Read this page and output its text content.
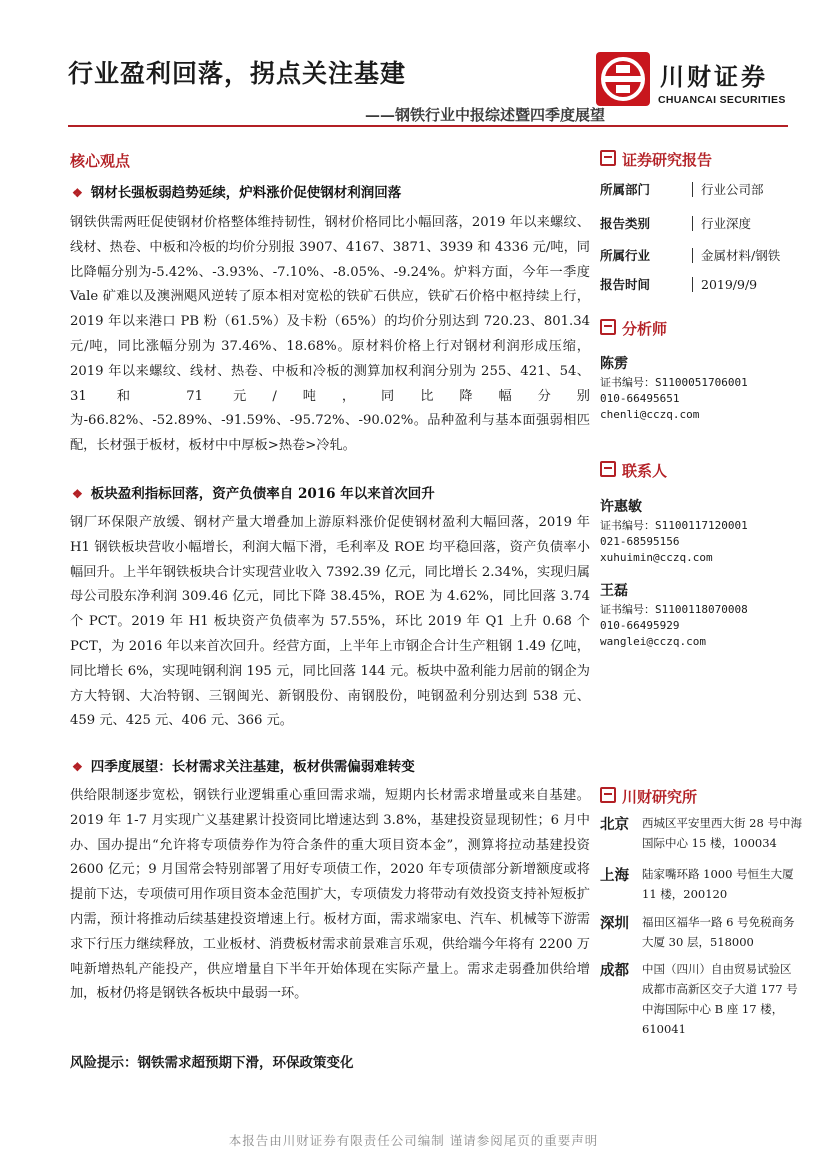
行业盈利回落，拐点关注基建
——钢铁行业中报综述暨四季度展望
川财证券
CHUANCAI SECURITIES
核心观点
❖ 钢材长强板弱趋势延续，炉料涨价促使钢材利润回落
钢铁供需两旺促使钢材价格整体维持韧性，钢材价格同比小幅回落，2019 年以来螺纹、线材、热卷、中板和冷板的均价分别报 3907、4167、3871、3939 和 4336 元/吨，同比降幅分别为-5.42%、-3.93%、-7.10%、-8.05%、-9.24%。炉料方面，今年一季度 Vale 矿难以及澳洲飓风逆转了原本相对宽松的铁矿石供应，铁矿石价格中枢持续上行，2019 年以来港口 PB 粉（61.5%）及卡粉（65%）的均价分别达到 720.23、801.34 元/吨，同比涨幅分别为 37.46%、18.68%。原材料价格上行对钢材利润形成压缩，2019 年以来螺纹、线材、热卷、中板和冷板的测算加权利润分别为 255、421、54、31 和 71 元/吨，同比降幅分别为-66.82%、-52.89%、-91.59%、-95.72%、-90.02%。品种盈利与基本面强弱相匹配，长材强于板材，板材中中厚板>热卷>冷轧。
❖ 板块盈利指标回落，资产负债率自 2016 年以来首次回升
钢厂环保限产放缓、钢材产量大增叠加上游原料涨价促使钢材盈利大幅回落，2019 年 H1 钢铁板块营收小幅增长，利润大幅下滑，毛利率及 ROE 均平稳回落，资产负债率小幅回升。上半年钢铁板块合计实现营业收入 7392.39 亿元，同比增长 2.34%，实现归属母公司股东净利润 309.46 亿元，同比下降 38.45%，ROE 为 4.62%，同比回落 3.74 个 PCT。2019 年 H1 板块资产负债率为 57.55%，环比 2019 年 Q1 上升 0.68 个 PCT，为 2016 年以来首次回升。经营方面，上半年上市钢企合计生产粗钢 1.49 亿吨，同比增长 6%，实现吨钢利润 195 元，同比回落 144 元。板块中盈利能力居前的钢企为方大特钢、大冶特钢、三钢闽光、新钢股份、南钢股份，吨钢盈利分别达到 538 元、459 元、425 元、406 元、366 元。
❖ 四季度展望：长材需求关注基建，板材供需偏弱难转变
供给限制逐步宽松，钢铁行业逻辑重心重回需求端，短期内长材需求增量或来自基建。2019 年 1-7 月实现广义基建累计投资同比增速达到 3.8%，基建投资显现韧性；6 月中办、国办提出“允许将专项债券作为符合条件的重大项目资本金”，测算将拉动基建投资 2600 亿元；9 月国常会特别部署了用好专项债工作，2020 年专项债部分新增额度或将提前下达，专项债可用作项目资本金范围扩大，专项债发力将带动有效投资支持补短板扩内需，预计将推动后续基建投资增速上行。板材方面，需求端家电、汽车、机械等下游需求下行压力继续释放，工业板材、消费板材需求前景难言乐观，供给端今年将有 2200 万吨新增热轧产能投产，供应增量自下半年开始体现在实际产量上。需求走弱叠加供给增加，板材仍将是钢铁各板块中最弱一环。
风险提示：钢铁需求超预期下滑，环保政策变化
证券研究报告
所属部门	行业公司部
报告类别	行业深度
所属行业	金属材料/钢铁
报告时间	2019/9/9
分析师
陈雳
证书编号：S1100051706001
010-66495651
chenli@cczq.com
联系人
许惠敏
证书编号：S1100117120001
021-68595156
xuhuimin@cczq.com
王磊
证书编号：S1100118070008
010-66495929
wanglei@cczq.com
川财研究所
北京 西城区平安里西大街 28 号中海国际中心 15 楼，100034
上海 陆家嘴环路 1000 号恒生大厦 11 楼，200120
深圳 福田区福华一路 6 号免税商务大厦 30 层，518000
成都 中国（四川）自由贸易试验区成都市高新区交子大道 177 号中海国际中心 B 座 17 楼，610041
本报告由川财证券有限责任公司编制 谨请参阅尾页的重要声明
